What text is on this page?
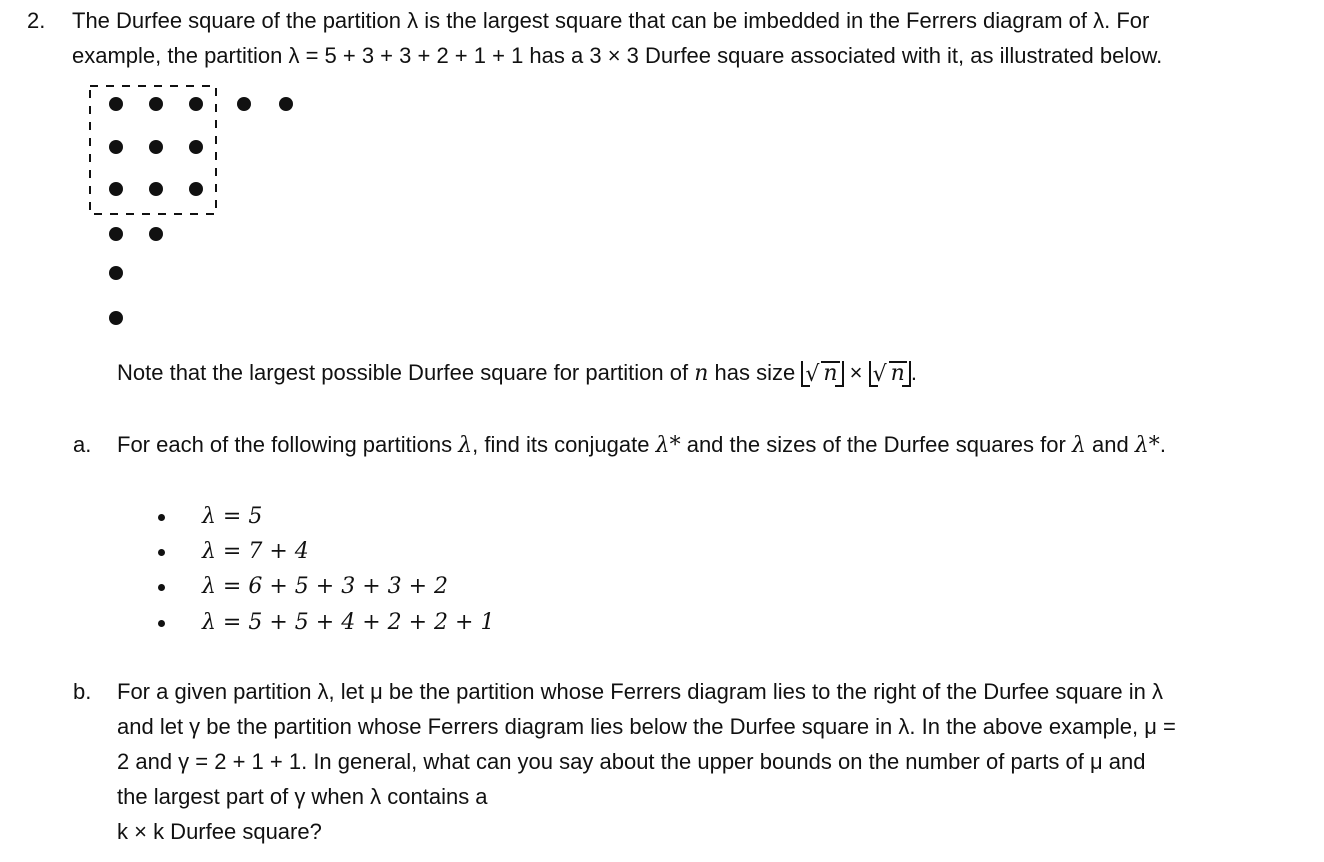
2. The Durfee square of the partition λ is the largest square that can be imbedded in the Ferrers diagram of λ. For
example, the partition λ = 5 + 3 + 3 + 2 + 1 + 1 has a 3 × 3 Durfee square associated with it, as illustrated below.
Note that the largest possible Durfee square for partition of n has size √ n × √ n .
a. For each of the following partitions λ, find its conjugate λ* and the sizes of the Durfee squares for λ and λ*.
λ = 5
λ = 7 + 4
λ = 6 + 5 + 3 + 3 + 2
λ = 5 + 5 + 4 + 2 + 2 + 1
b. For a given partition λ, let μ be the partition whose Ferrers diagram lies to the right of the Durfee square in λ
and let γ be the partition whose Ferrers diagram lies below the Durfee square in λ. In the above example, μ =
2 and γ = 2 + 1 + 1. In general, what can you say about the upper bounds on the number of parts of μ and
the largest part of γ when λ contains a
k × k Durfee square?
